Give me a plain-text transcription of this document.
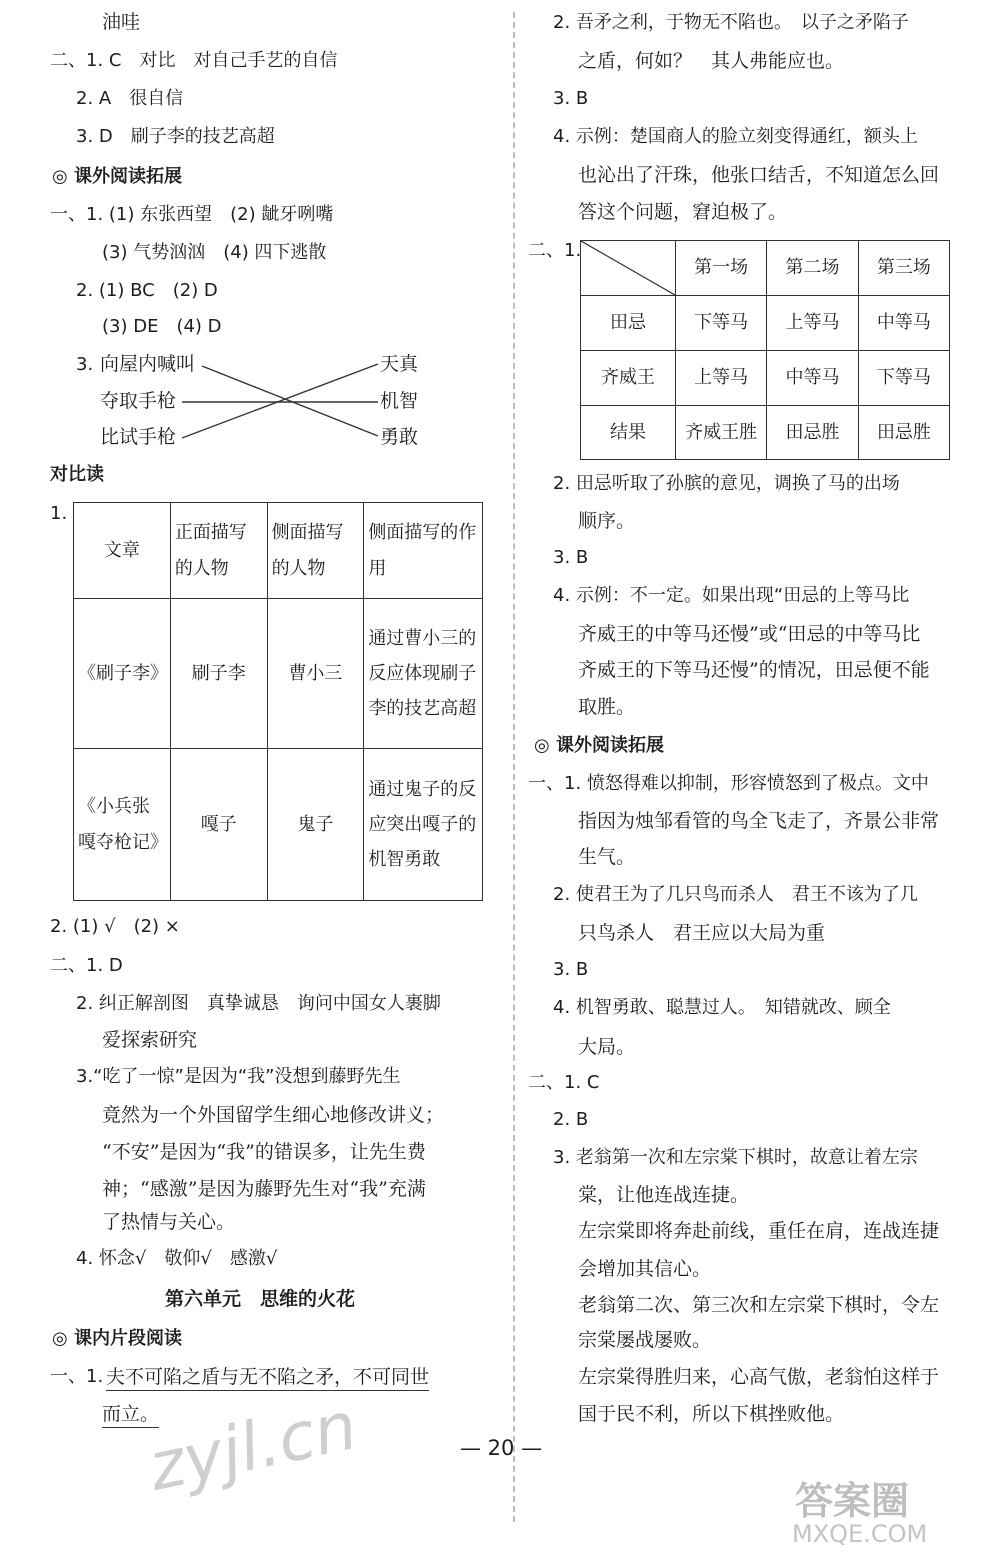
油哇
二、1. C　对比　对自己手艺的自信
2. A　很自信
3. D　刷子李的技艺高超
◎ 课外阅读拓展
一、1. (1) 东张西望　(2) 龇牙咧嘴
(3) 气势汹汹　(4) 四下逃散
2. (1) BC　(2) D
(3) DE　(4) D
3. 向屋内喊叫
夺取手枪
比试手枪
天真
机智
勇敢
对比读
1.
文章	正面描写的人物	侧面描写的人物	侧面描写的作用
《刷子李》	刷子李	曹小三	通过曹小三的反应体现刷子李的技艺高超
《小兵张嘎夺枪记》	嘎子	鬼子	通过鬼子的反应突出嘎子的机智勇敢
2. (1) √　(2) ×
二、1. D
2. 纠正解剖图　真挚诚恳　询问中国女人裹脚
爱探索研究
3.“吃了一惊”是因为“我”没想到藤野先生
竟然为一个外国留学生细心地修改讲义；
“不安”是因为“我”的错误多，让先生费
神；“感激”是因为藤野先生对“我”充满
了热情与关心。
4. 怀念√　敬仰√　感激√
第六单元　思维的火花
◎ 课内片段阅读
一、1. 夫不可陷之盾与无不陷之矛，不可同世
而立。
2. 吾矛之利，于物无不陷也。　以子之矛陷子
之盾，何如？　其人弗能应也。
3. B
4. 示例：楚国商人的脸立刻变得通红，额头上
也沁出了汗珠，他张口结舌，不知道怎么回
答这个问题，窘迫极了。
二、1.
	第一场	第二场	第三场
田忌	下等马	上等马	中等马
齐威王	上等马	中等马	下等马
结果	齐威王胜	田忌胜	田忌胜
2. 田忌听取了孙膑的意见，调换了马的出场
顺序。
3. B
4. 示例：不一定。如果出现“田忌的上等马比
齐威王的中等马还慢”或“田忌的中等马比
齐威王的下等马还慢”的情况，田忌便不能
取胜。
◎ 课外阅读拓展
一、1. 愤怒得难以抑制，形容愤怒到了极点。文中
指因为烛邹看管的鸟全飞走了，齐景公非常
生气。
2. 使君王为了几只鸟而杀人　君王不该为了几
只鸟杀人　君王应以大局为重
3. B
4. 机智勇敢、聪慧过人。　知错就改、顾全
大局。
二、1. C
2. B
3. 老翁第一次和左宗棠下棋时，故意让着左宗
棠，让他连战连捷。
左宗棠即将奔赴前线，重任在肩，连战连捷
会增加其信心。
老翁第二次、第三次和左宗棠下棋时，令左
宗棠屡战屡败。
左宗棠得胜归来，心高气傲，老翁怕这样于
国于民不利，所以下棋挫败他。
— 20 —
zyjl.cn	答案圈
MXQE.COM
